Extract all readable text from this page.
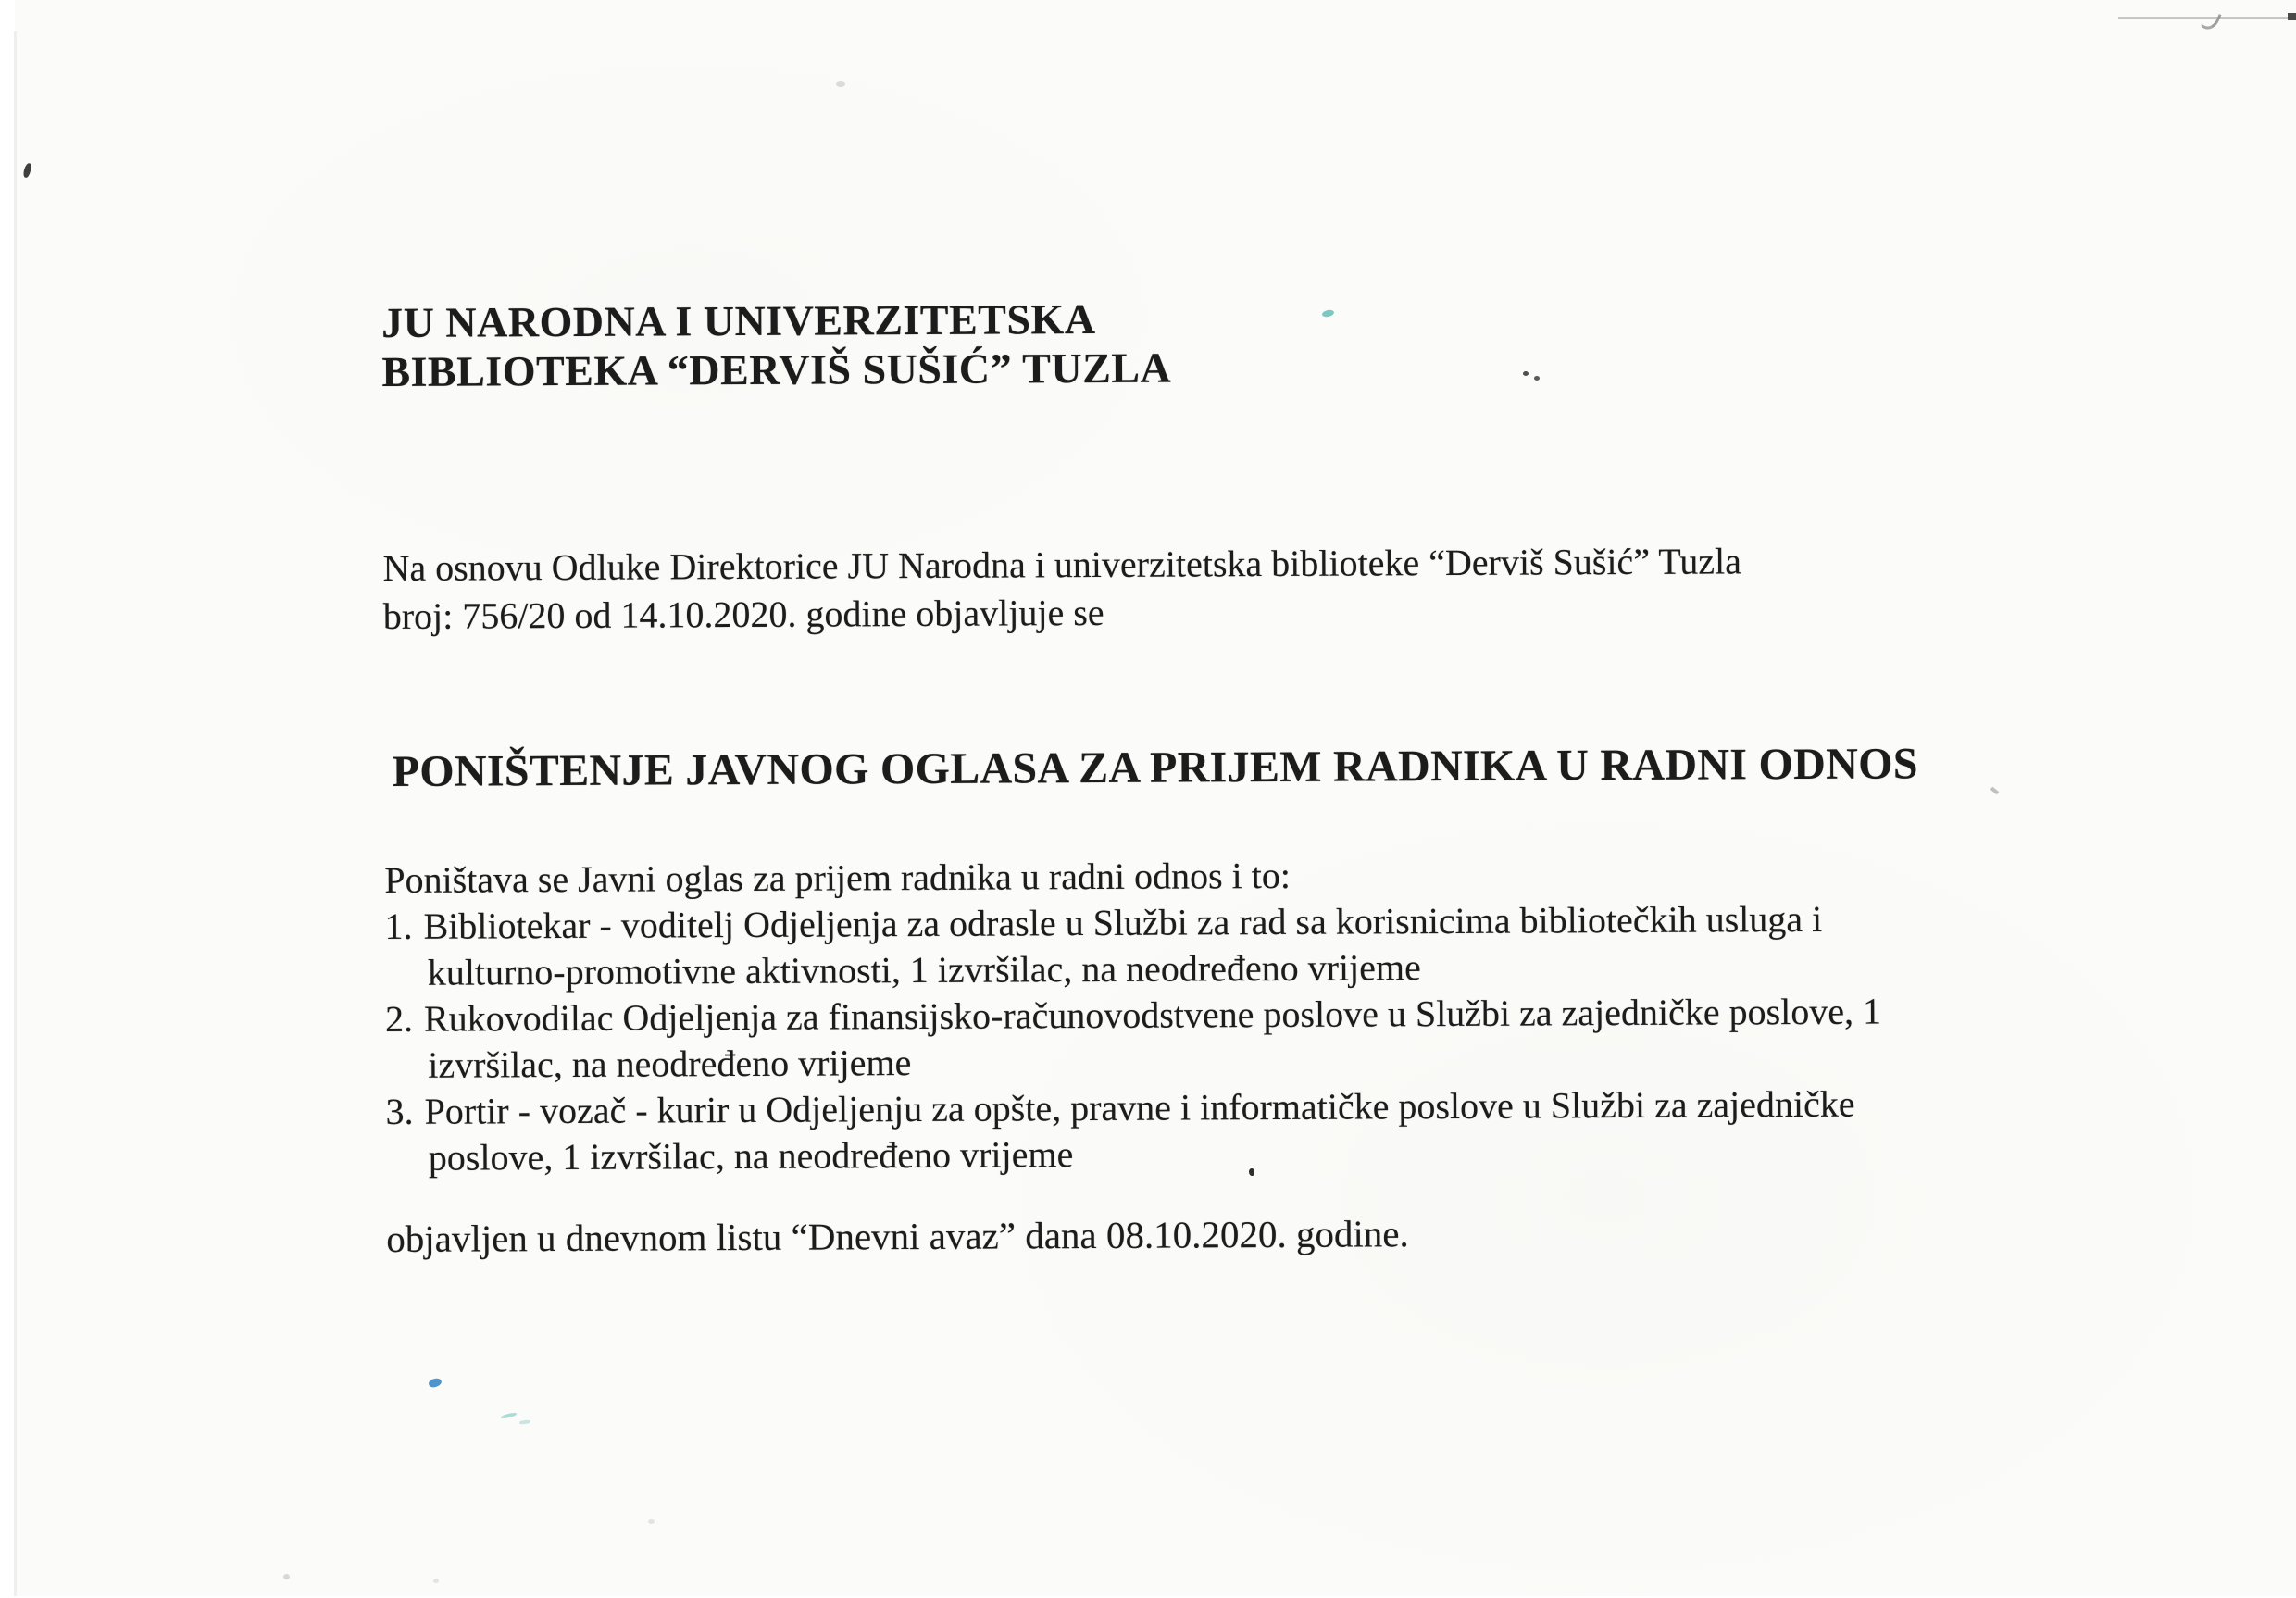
JU NARODNA I UNIVERZITETSKA
BIBLIOTEKA “DERVIŠ SUŠIĆ” TUZLA
Na osnovu Odluke Direktorice JU Narodna i univerzitetska biblioteke “Derviš Sušić” Tuzla
broj: 756/20 od 14.10.2020. godine objavljuje se
PONIŠTENJE JAVNOG OGLASA ZA PRIJEM RADNIKA U RADNI ODNOS
Poništava se Javni oglas za prijem radnika u radni odnos i to:
1. Bibliotekar - voditelj Odjeljenja za odrasle u Službi za rad sa korisnicima bibliotečkih usluga i
kulturno-promotivne aktivnosti, 1 izvršilac, na neodređeno vrijeme
2. Rukovodilac Odjeljenja za finansijsko-računovodstvene poslove u Službi za zajedničke poslove, 1
izvršilac, na neodređeno vrijeme
3. Portir - vozač - kurir u Odjeljenju za opšte, pravne i informatičke poslove u Službi za zajedničke
poslove, 1 izvršilac, na neodređeno vrijeme
objavljen u dnevnom listu “Dnevni avaz” dana 08.10.2020. godine.
